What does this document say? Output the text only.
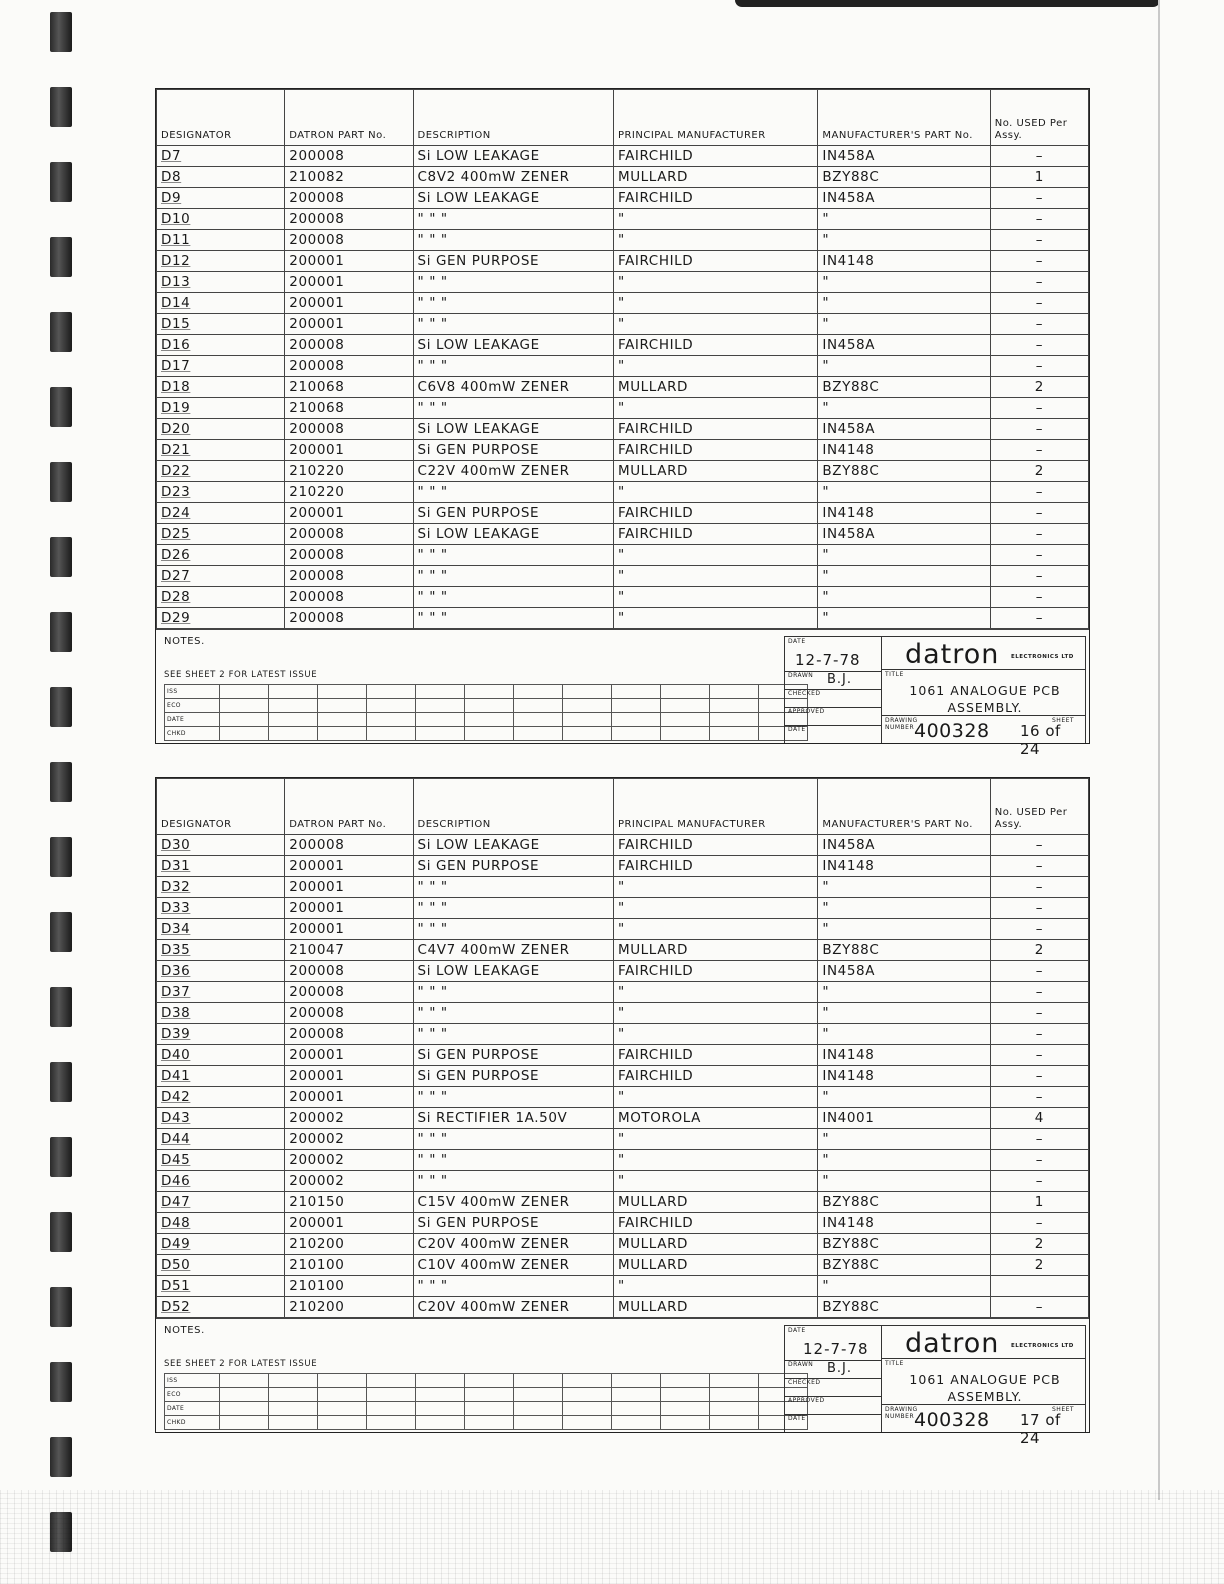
DESIGNATOR	DATRON PART No.	DESCRIPTION	PRINCIPAL MANUFACTURER	MANUFACTURER'S PART No.	No. USED Per Assy.
D7	200008	Si LOW LEAKAGE	FAIRCHILD	IN458A	–
D8	210082	C8V2 400mW ZENER	MULLARD	BZY88C	1
D9	200008	Si LOW LEAKAGE	FAIRCHILD	IN458A	–
D10	200008	" " "	"	"	–
D11	200008	" " "	"	"	–
D12	200001	Si GEN PURPOSE	FAIRCHILD	IN4148	–
D13	200001	" " "	"	"	–
D14	200001	" " "	"	"	–
D15	200001	" " "	"	"	–
D16	200008	Si LOW LEAKAGE	FAIRCHILD	IN458A	–
D17	200008	" " "	"	"	–
D18	210068	C6V8 400mW ZENER	MULLARD	BZY88C	2
D19	210068	" " "	"	"	–
D20	200008	Si LOW LEAKAGE	FAIRCHILD	IN458A	–
D21	200001	Si GEN PURPOSE	FAIRCHILD	IN4148	–
D22	210220	C22V 400mW ZENER	MULLARD	BZY88C	2
D23	210220	" " "	"	"	–
D24	200001	Si GEN PURPOSE	FAIRCHILD	IN4148	–
D25	200008	Si LOW LEAKAGE	FAIRCHILD	IN458A	–
D26	200008	" " "	"	"	–
D27	200008	" " "	"	"	–
D28	200008	" " "	"	"	–
D29	200008	" " "	"	"	–
NOTES.
SEE SHEET 2 FOR LATEST ISSUE
ISS												
ECO												
DATE												
CHKD												
DATE
12-7-78
DRAWN B.J.
CHECKED
APPROVED
DATE
datron ELECTRONICS LTD
TITLE
1061 ANALOGUE PCB ASSEMBLY.
DRAWING NUMBER 400328	SHEET
16 of 24
DESIGNATOR	DATRON PART No.	DESCRIPTION	PRINCIPAL MANUFACTURER	MANUFACTURER'S PART No.	No. USED Per Assy.
D30	200008	Si LOW LEAKAGE	FAIRCHILD	IN458A	–
D31	200001	Si GEN PURPOSE	FAIRCHILD	IN4148	–
D32	200001	" " "	"	"	–
D33	200001	" " "	"	"	–
D34	200001	" " "	"	"	–
D35	210047	C4V7 400mW ZENER	MULLARD	BZY88C	2
D36	200008	Si LOW LEAKAGE	FAIRCHILD	IN458A	–
D37	200008	" " "	"	"	–
D38	200008	" " "	"	"	–
D39	200008	" " "	"	"	–
D40	200001	Si GEN PURPOSE	FAIRCHILD	IN4148	–
D41	200001	Si GEN PURPOSE	FAIRCHILD	IN4148	–
D42	200001	" " "	"	"	–
D43	200002	Si RECTIFIER 1A.50V	MOTOROLA	IN4001	4
D44	200002	" " "	"	"	–
D45	200002	" " "	"	"	–
D46	200002	" " "	"	"	–
D47	210150	C15V 400mW ZENER	MULLARD	BZY88C	1
D48	200001	Si GEN PURPOSE	FAIRCHILD	IN4148	–
D49	210200	C20V 400mW ZENER	MULLARD	BZY88C	2
D50	210100	C10V 400mW ZENER	MULLARD	BZY88C	2
D51	210100	" " "	"	"	
D52	210200	C20V 400mW ZENER	MULLARD	BZY88C	–
NOTES.
SEE SHEET 2 FOR LATEST ISSUE
ISS												
ECO												
DATE												
CHKD												
DATE
12-7-78
DRAWN B.J.
CHECKED
APPROVED
DATE
datron ELECTRONICS LTD
TITLE
1061 ANALOGUE PCB ASSEMBLY.
DRAWING NUMBER 400328	SHEET
17 of 24
